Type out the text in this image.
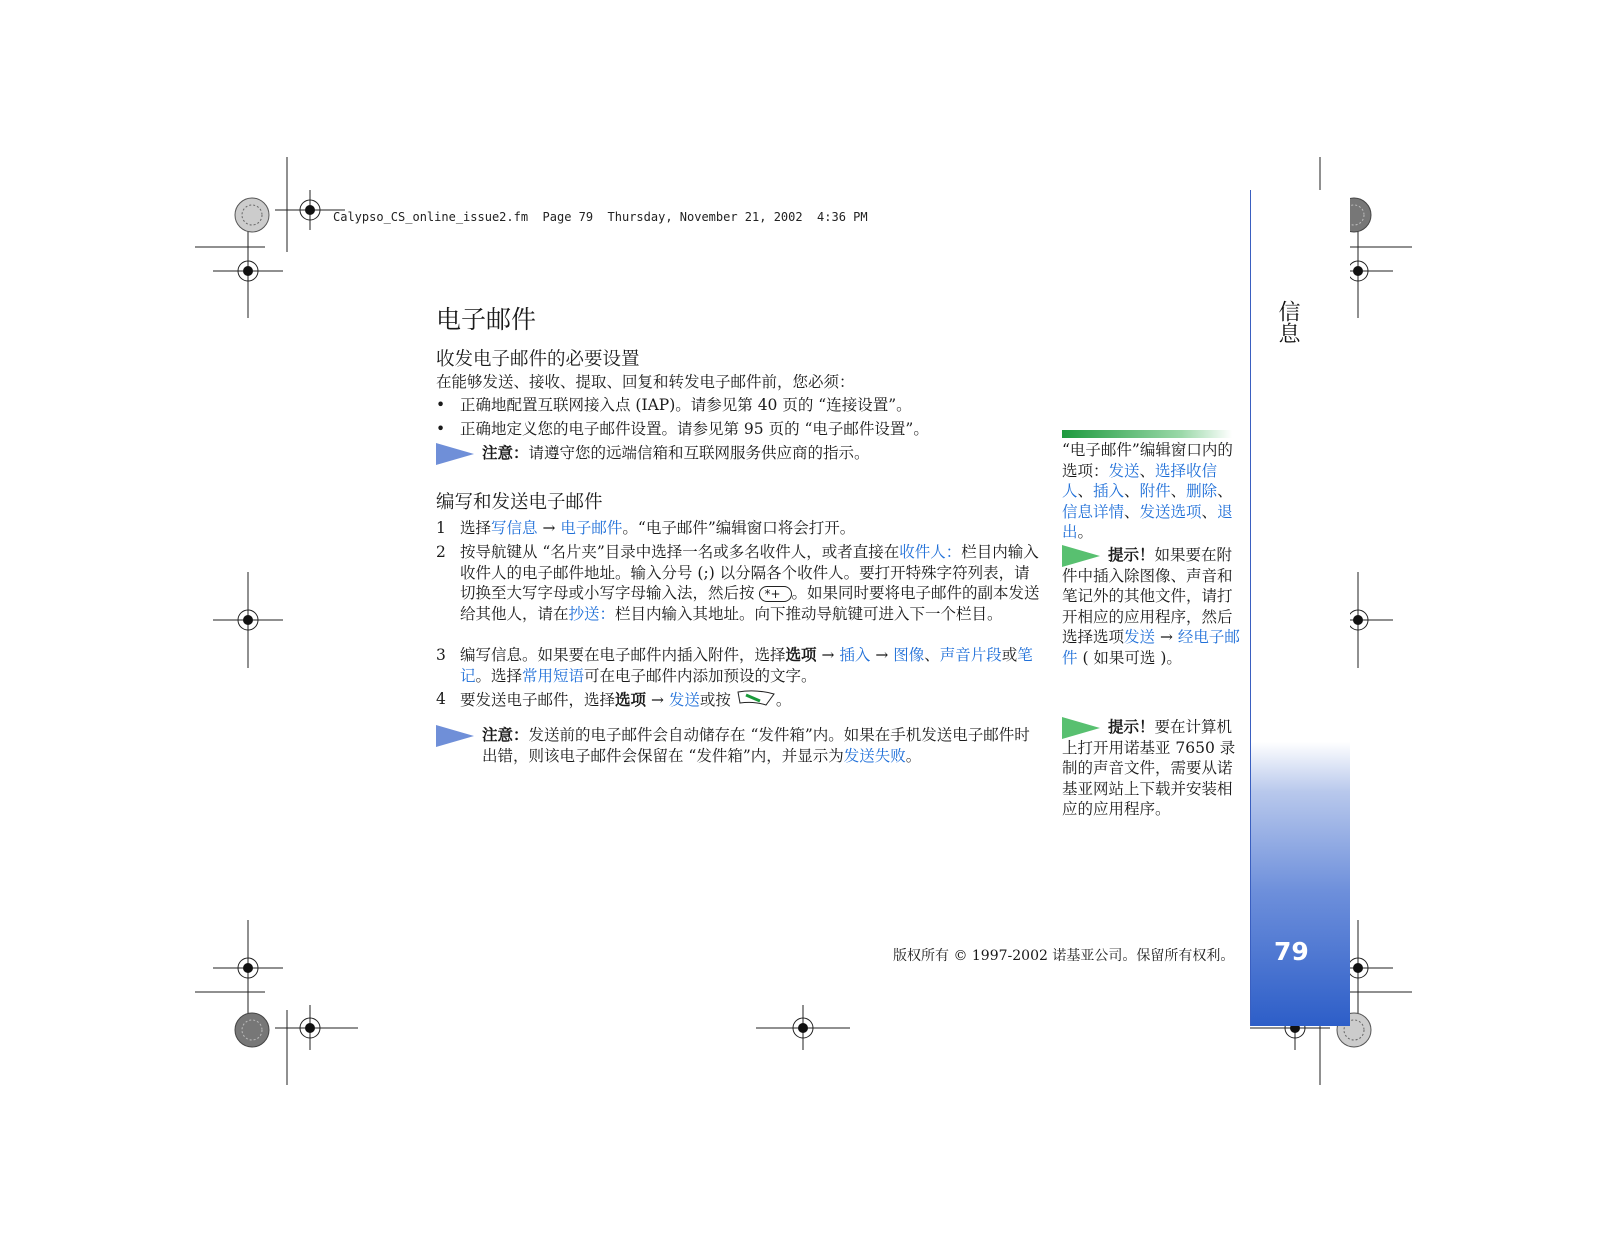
Calypso_CS_online_issue2.fm  Page 79  Thursday, November 21, 2002  4:36 PM
信息
79
电子邮件
收发电子邮件的必要设置
在能够发送、接收、提取、回复和转发电子邮件前，您必须：
• 正确地配置互联网接入点 (IAP)。请参见第 40 页的 “连接设置”。
• 正确地定义您的电子邮件设置。请参见第 95 页的 “电子邮件设置”。
注意：请遵守您的远端信箱和互联网服务供应商的指示。
编写和发送电子邮件
1 选择写信息 → 电子邮件。“电子邮件”编辑窗口将会打开。
2 按导航键从 “名片夹”目录中选择一名或多名收件人，或者直接在收件人：栏目内输入收件人的电子邮件地址。输入分号 (;) 以分隔各个收件人。要打开特殊字符列表，请切换至大写字母或小写字母输入法，然后按 *+ 。如果同时要将电子邮件的副本发送给其他人，请在抄送：栏目内输入其地址。向下推动导航键可进入下一个栏目。
3 编写信息。如果要在电子邮件内插入附件，选择选项 → 插入 → 图像、声音片段或笔记。选择常用短语可在电子邮件内添加预设的文字。
4 要发送电子邮件，选择选项 → 发送或按	。
注意：发送前的电子邮件会自动储存在 “发件箱”内。如果在手机发送电子邮件时出错，则该电子邮件会保留在 “发件箱”内，并显示为发送失败。
“电子邮件”编辑窗口内的选项：发送、选择收信人、插入、附件、删除、信息详情、发送选项、退出。
提示！如果要在附件中插入除图像、声音和笔记外的其他文件，请打开相应的应用程序，然后选择选项发送 → 经电子邮件 ( 如果可选 )。
提示！要在计算机上打开用诺基亚 7650 录制的声音文件，需要从诺基亚网站上下载并安装相应的应用程序。
版权所有 © 1997-2002 诺基亚公司。保留所有权利。
